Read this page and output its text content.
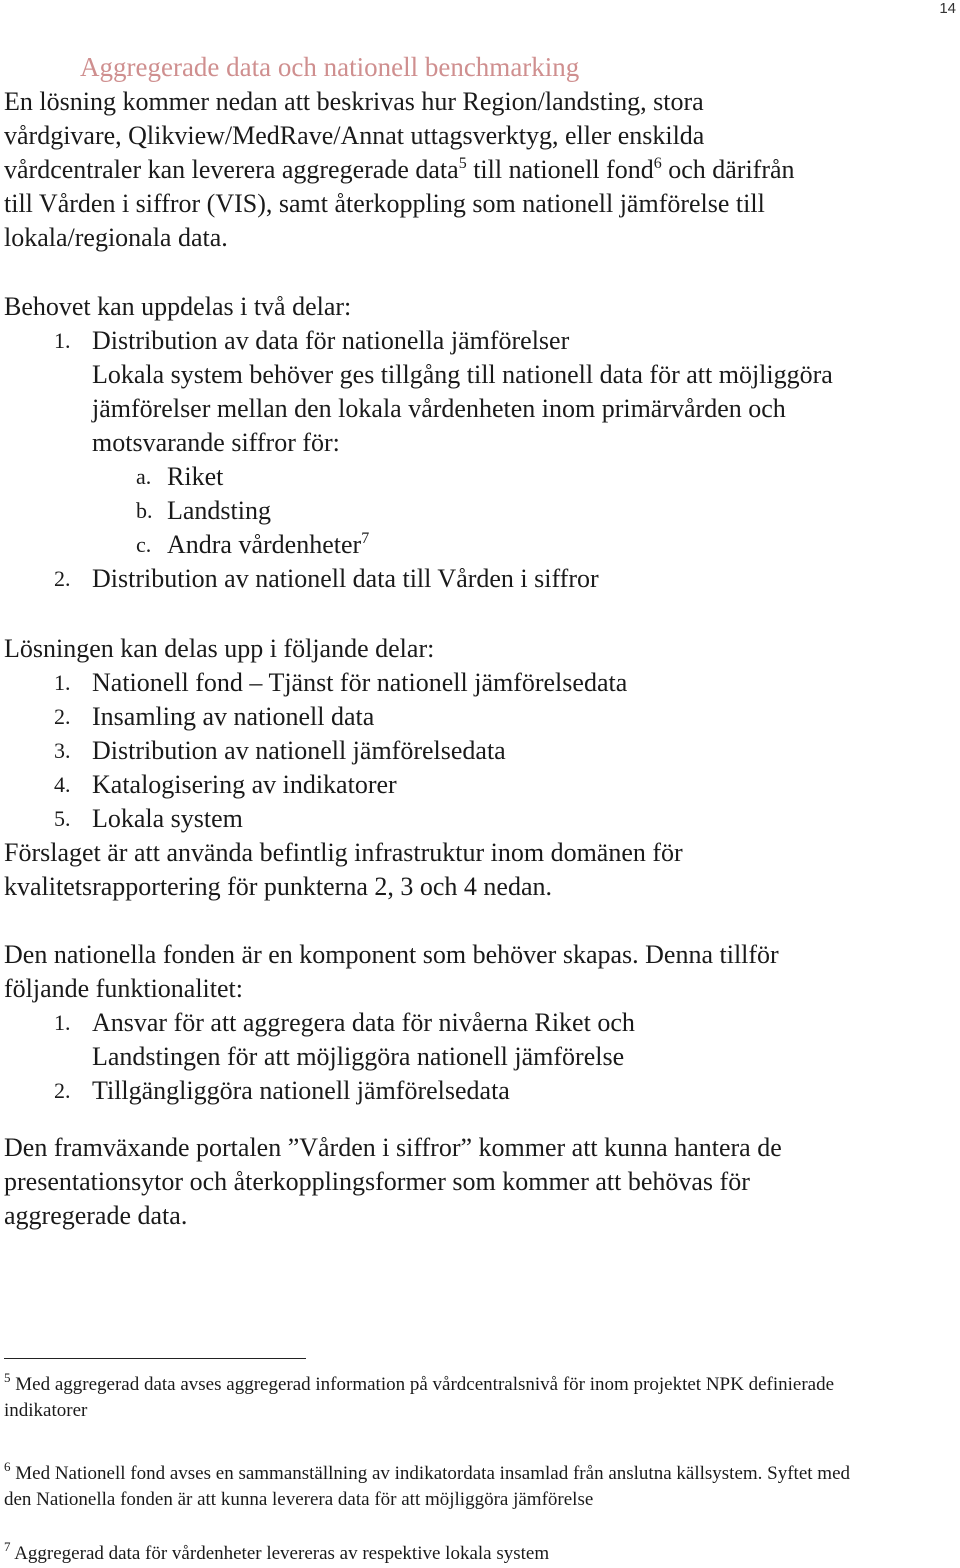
14
Aggregerade data och nationell benchmarking
En lösning kommer nedan att beskrivas hur Region/landsting, stora
vårdgivare, Qlikview/MedRave/Annat uttagsverktyg, eller enskilda
vårdcentraler kan leverera aggregerade data$^5$ till nationell fond$^6$ och därifrån
till Vården i siffror (VIS), samt återkoppling som nationell jämförelse till
lokala/regionala data.
Behovet kan uppdelas i två delar:
1. Distribution av data för nationella jämförelser
Lokala system behöver ges tillgång till nationell data för att möjliggöra
jämförelser mellan den lokala vårdenheten inom primärvården och
motsvarande siffror för:
a. Riket
b. Landsting
c. Andra vårdenheter$^7$
2. Distribution av nationell data till Vården i siffror
Lösningen kan delas upp i följande delar:
1. Nationell fond – Tjänst för nationell jämförelsedata
2. Insamling av nationell data
3. Distribution av nationell jämförelsedata
4. Katalogisering av indikatorer
5. Lokala system
Förslaget är att använda befintlig infrastruktur inom domänen för
kvalitetsrapportering för punkterna 2, 3 och 4 nedan.
Den nationella fonden är en komponent som behöver skapas. Denna tillför
följande funktionalitet:
1. Ansvar för att aggregera data för nivåerna Riket och
Landstingen för att möjliggöra nationell jämförelse
2. Tillgängliggöra nationell jämförelsedata
Den framväxande portalen ”Vården i siffror” kommer att kunna hantera de
presentationsytor och återkopplingsformer som kommer att behövas för
aggregerade data.
$^5$ Med aggregerad data avses aggregerad information på vårdcentralsnivå för inom projektet NPK definierade
indikatorer
$^6$ Med Nationell fond avses en sammanställning av indikatordata insamlad från anslutna källsystem. Syftet med
den Nationella fonden är att kunna leverera data för att möjliggöra jämförelse
$^7$ Aggregerad data för vårdenheter levereras av respektive lokala system
